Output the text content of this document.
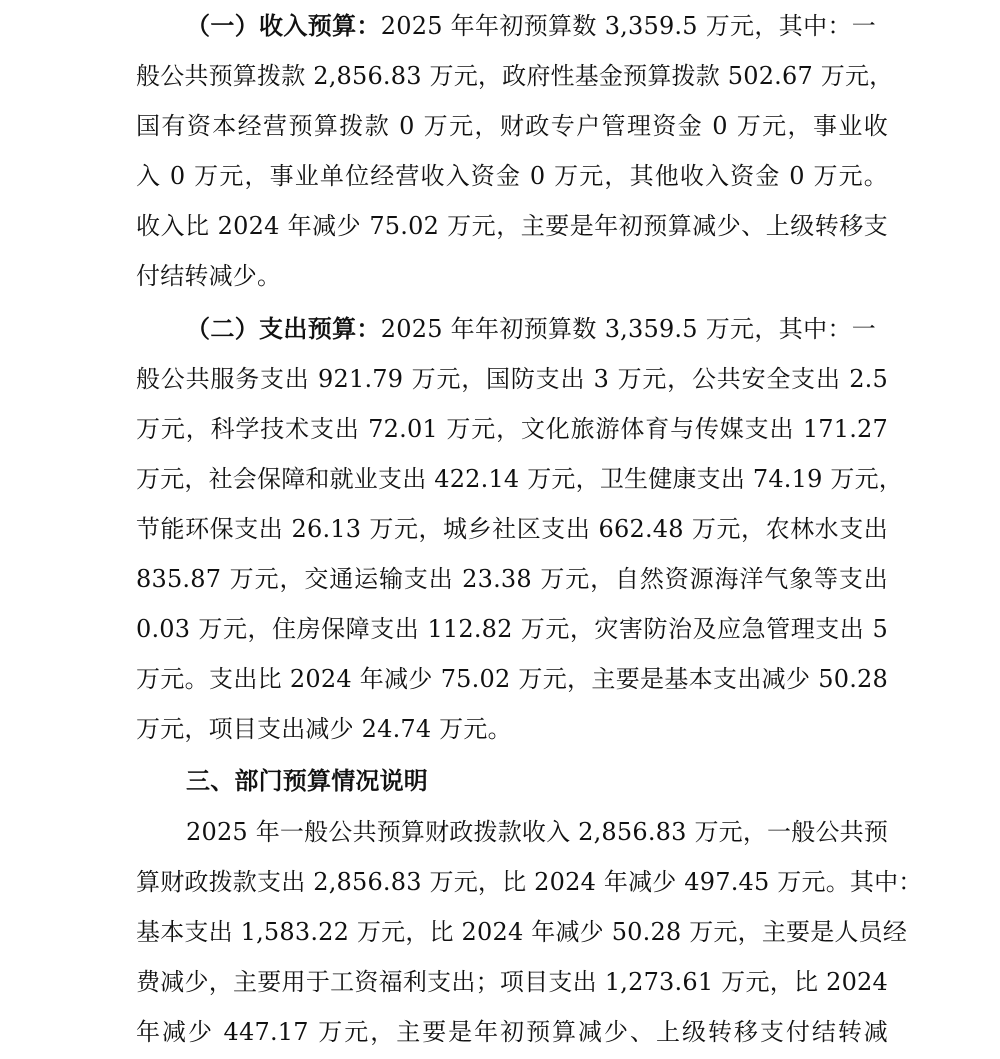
（一）收入预算：2025 年年初预算数 3,359.5 万元，其中：一
般公共预算拨款 2,856.83 万元，政府性基金预算拨款 502.67 万元，
国有资本经营预算拨款 0 万元，财政专户管理资金 0 万元，事业收
入 0 万元，事业单位经营收入资金 0 万元，其他收入资金 0 万元。
收入比 2024 年减少 75.02 万元，主要是年初预算减少、上级转移支
付结转减少。
（二）支出预算：2025 年年初预算数 3,359.5 万元，其中：一
般公共服务支出 921.79 万元，国防支出 3 万元，公共安全支出 2.5
万元，科学技术支出 72.01 万元，文化旅游体育与传媒支出 171.27
万元，社会保障和就业支出 422.14 万元，卫生健康支出 74.19 万元，
节能环保支出 26.13 万元，城乡社区支出 662.48 万元，农林水支出
835.87 万元，交通运输支出 23.38 万元，自然资源海洋气象等支出
0.03 万元，住房保障支出 112.82 万元，灾害防治及应急管理支出 5
万元。支出比 2024 年减少 75.02 万元，主要是基本支出减少 50.28
万元，项目支出减少 24.74 万元。
三、部门预算情况说明
2025 年一般公共预算财政拨款收入 2,856.83 万元，一般公共预
算财政拨款支出 2,856.83 万元，比 2024 年减少 497.45 万元。其中：
基本支出 1,583.22 万元，比 2024 年减少 50.28 万元，主要是人员经
费减少，主要用于工资福利支出；项目支出 1,273.61 万元，比 2024
年减少 447.17 万元，主要是年初预算减少、上级转移支付结转减
